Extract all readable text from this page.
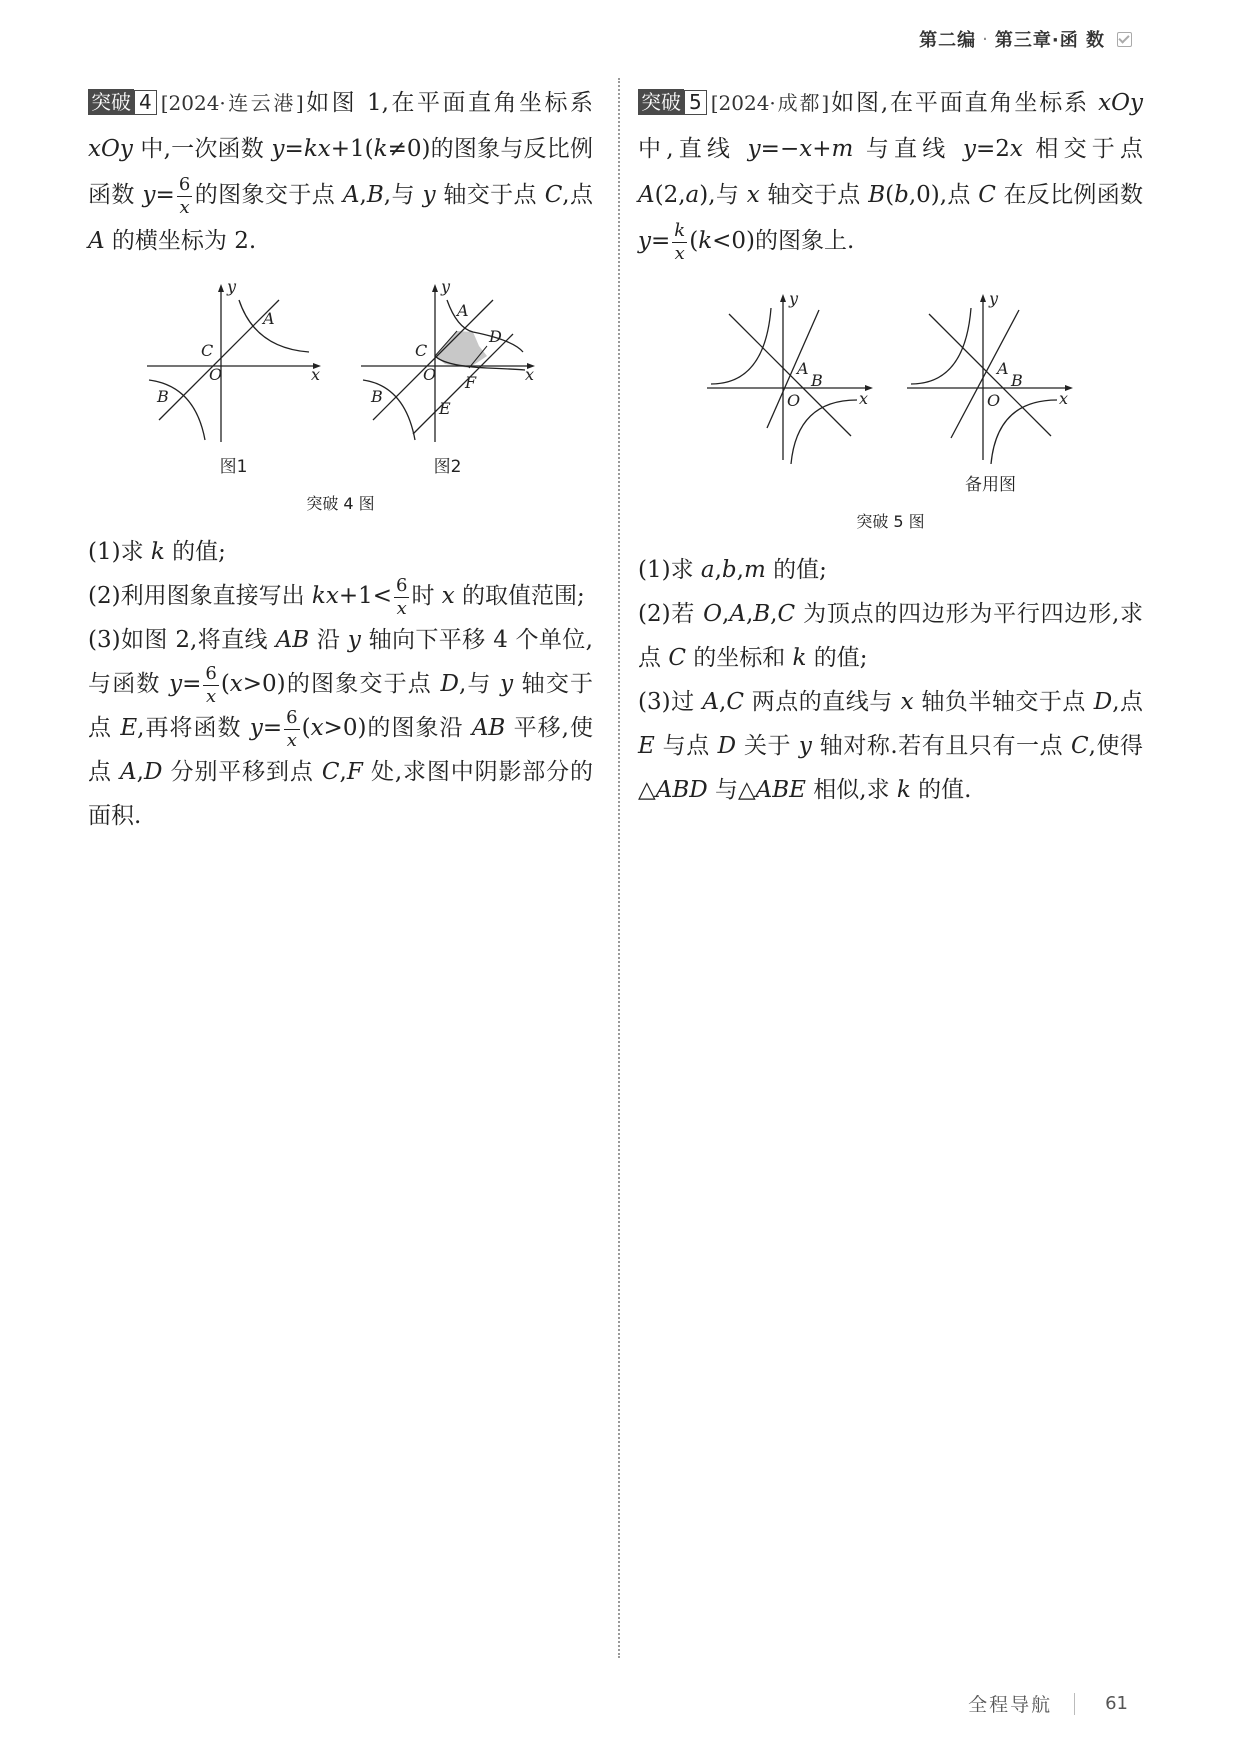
第二编 · 第三章·函 数

突破 4 [2024·连云港]如图 1,在平面直角坐标系 xOy 中,一次函数 y=kx+1(k≠0)的图象与反比例函数 $y= \frac{6}{x}$ 的图象交于点 A,B,与 y 轴交于点 C,点 A 的横坐标为 2.

A
B
C
O	x
y
图1
A
B
C
D
E
F
O	x
y
图2
突破 4 图

(1)求 k 的值;

(2)利用图象直接写出 $kx+1< \frac{6}{x}$ 时 x 的取值范围;

(3)如图 2,将直线 AB 沿 y 轴向下平移 4 个单位,与函数 $y= \frac{6}{x} (x>0)$的图象交于点 D,与 y 轴交于点 E,再将函数 $y= \frac{6}{x} (x>0)$的图象沿 AB 平移,使点 A,D 分别平移到点 C,F 处,求图中阴影部分的面积.

突破 5 [2024·成都]如图,在平面直角坐标系 xOy 中,直线 y=−x+m 与直线 y=2x 相交于点 A(2,a),与 x 轴交于点 B(b,0),点 C 在反比例函数 $y= \frac{k}{x} (k<0)$的图象上.

A
B
O	x
y
A
B
O	x
y
备用图
突破 5 图

(1)求 a,b,m 的值;

(2)若 O,A,B,C 为顶点的四边形为平行四边形,求点 C 的坐标和 k 的值;

(3)过 A,C 两点的直线与 x 轴负半轴交于点 D,点 E 与点 D 关于 y 轴对称.若有且只有一点 C,使得△ABD 与△ABE 相似,求 k 的值.

全程导航	61
